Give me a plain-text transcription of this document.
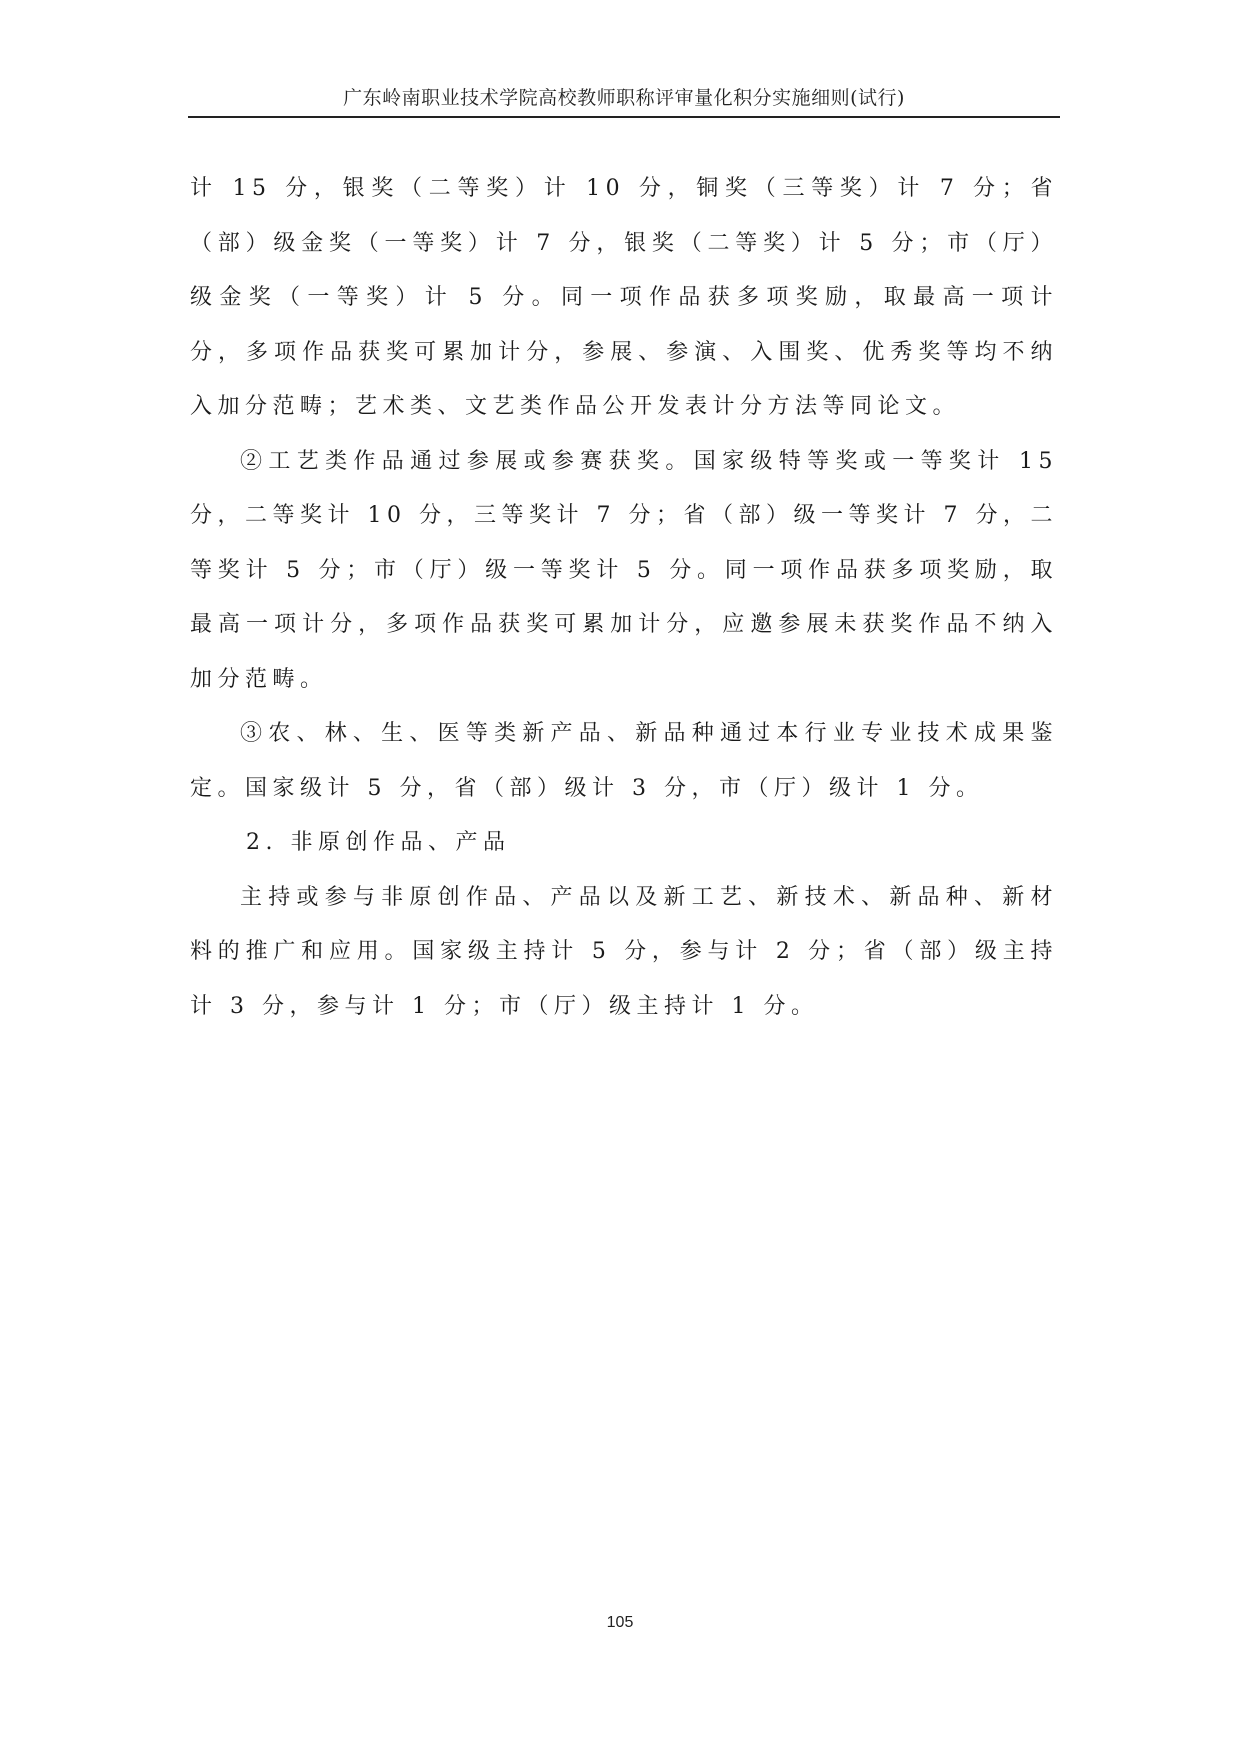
广东岭南职业技术学院高校教师职称评审量化积分实施细则(试行)

计 15 分，银奖（二等奖）计 10 分，铜奖（三等奖）计 7 分；省（部）级金奖（一等奖）计 7 分，银奖（二等奖）计 5 分；市（厅）级金奖（一等奖）计 5 分。同一项作品获多项奖励，取最高一项计分，多项作品获奖可累加计分，参展、参演、入围奖、优秀奖等均不纳入加分范畴；艺术类、文艺类作品公开发表计分方法等同论文。

②工艺类作品通过参展或参赛获奖。国家级特等奖或一等奖计 15 分，二等奖计 10 分，三等奖计 7 分；省（部）级一等奖计 7 分，二等奖计 5 分；市（厅）级一等奖计 5 分。同一项作品获多项奖励，取最高一项计分，多项作品获奖可累加计分，应邀参展未获奖作品不纳入加分范畴。

③农、林、生、医等类新产品、新品种通过本行业专业技术成果鉴定。国家级计 5 分，省（部）级计 3 分，市（厅）级计 1 分。

2. 非原创作品、产品

主持或参与非原创作品、产品以及新工艺、新技术、新品种、新材料的推广和应用。国家级主持计 5 分，参与计 2 分；省（部）级主持计 3 分，参与计 1 分；市（厅）级主持计 1 分。

105
